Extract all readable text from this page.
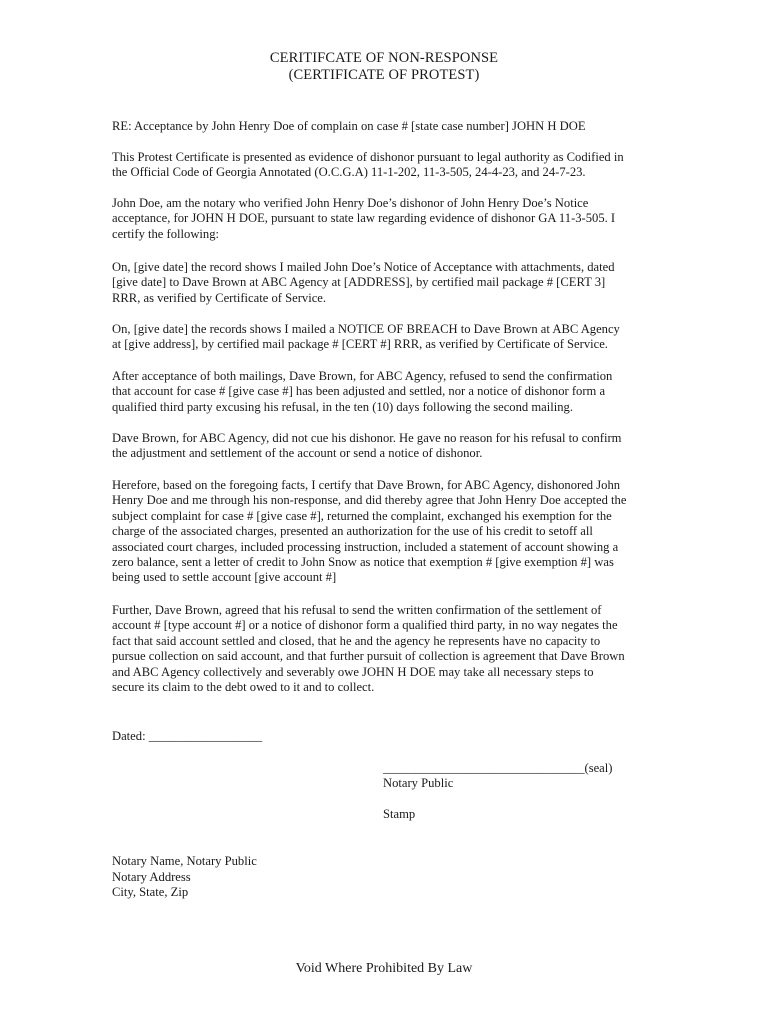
CERITIFCATE OF NON-RESPONSE
(CERTIFICATE OF PROTEST)
RE: Acceptance by John Henry Doe of complain on case # [state case number] JOHN H DOE
This Protest Certificate is presented as evidence of dishonor pursuant to legal authority as Codified in
the Official Code of Georgia Annotated (O.C.G.A) 11-1-202, 11-3-505, 24-4-23, and 24-7-23.
John Doe, am the notary who verified John Henry Doe’s dishonor of John Henry Doe’s Notice
acceptance, for JOHN H DOE, pursuant to state law regarding evidence of dishonor GA 11-3-505. I
certify the following:
On, [give date] the record shows I mailed John Doe’s Notice of Acceptance with attachments, dated
[give date] to Dave Brown at ABC Agency at [ADDRESS], by certified mail package # [CERT 3]
RRR, as verified by Certificate of Service.
On, [give date] the records shows I mailed a NOTICE OF BREACH to Dave Brown at ABC Agency
at [give address], by certified mail package # [CERT #] RRR, as verified by Certificate of Service.
After acceptance of both mailings, Dave Brown, for ABC Agency, refused to send the confirmation
that account for case # [give case #] has been adjusted and settled, nor a notice of dishonor form a
qualified third party excusing his refusal, in the ten (10) days following the second mailing.
Dave Brown, for ABC Agency, did not cue his dishonor. He gave no reason for his refusal to confirm
the adjustment and settlement of the account or send a notice of dishonor.
Herefore, based on the foregoing facts, I certify that Dave Brown, for ABC Agency, dishonored John
Henry Doe and me through his non-response, and did thereby agree that John Henry Doe accepted the
subject complaint for case # [give case #], returned the complaint, exchanged his exemption for the
charge of the associated charges, presented an authorization for the use of his credit to setoff all
associated court charges, included processing instruction, included a statement of account showing a
zero balance, sent a letter of credit to John Snow as notice that exemption # [give exemption #] was
being used to settle account [give account #]
Further, Dave Brown, agreed that his refusal to send the written confirmation of the settlement of
account # [type account #] or a notice of dishonor form a qualified third party, in no way negates the
fact that said account settled and closed, that he and the agency he represents have no capacity to
pursue collection on said account, and that further pursuit of collection is agreement that Dave Brown
and ABC Agency collectively and severably owe JOHN H DOE may take all necessary steps to
secure its claim to the debt owed to it and to collect.
Dated: __________________
________________________________(seal)
Notary Public
Stamp
Notary Name, Notary Public
Notary Address
City, State, Zip
Void Where Prohibited By Law
